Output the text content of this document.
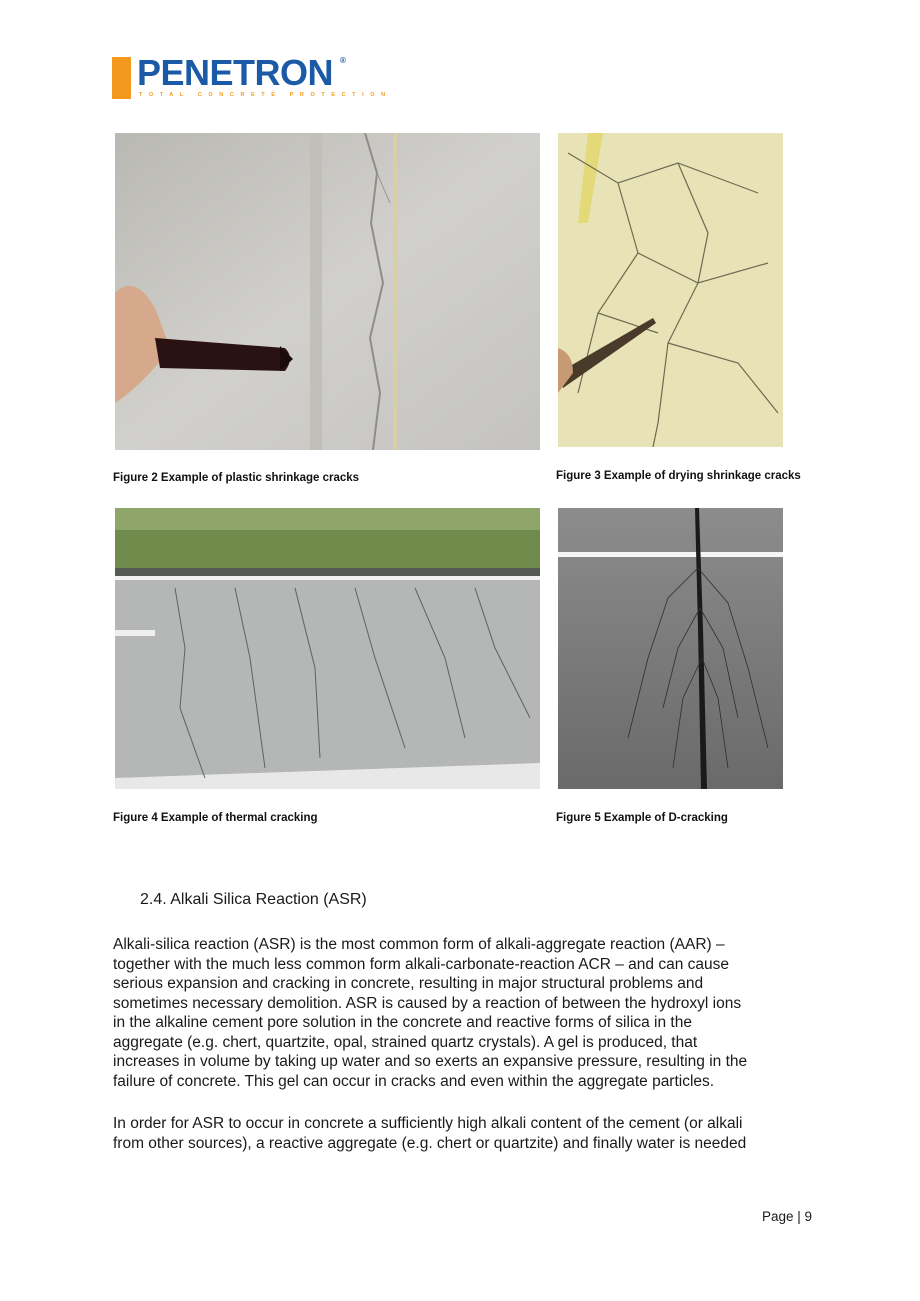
PENETRON ®
TOTAL CONCRETE PROTECTION
Figure 2 Example of plastic shrinkage cracks	Figure 3 Example of drying shrinkage cracks
Figure 4 Example of thermal cracking	Figure 5 Example of D-cracking
2.4. Alkali Silica Reaction (ASR)

Alkali-silica reaction (ASR) is the most common form of alkali-aggregate reaction (AAR) –
together with the much less common form alkali-carbonate-reaction ACR – and can cause
serious expansion and cracking in concrete, resulting in major structural problems and
sometimes necessary demolition. ASR is caused by a reaction of between the hydroxyl ions
in the alkaline cement pore solution in the concrete and reactive forms of silica in the
aggregate (e.g. chert, quartzite, opal, strained quartz crystals). A gel is produced, that
increases in volume by taking up water and so exerts an expansive pressure, resulting in the
failure of concrete. This gel can occur in cracks and even within the aggregate particles.

In order for ASR to occur in concrete a sufficiently high alkali content of the cement (or alkali
from other sources), a reactive aggregate (e.g. chert or quartzite) and finally water is needed

Page | 9
